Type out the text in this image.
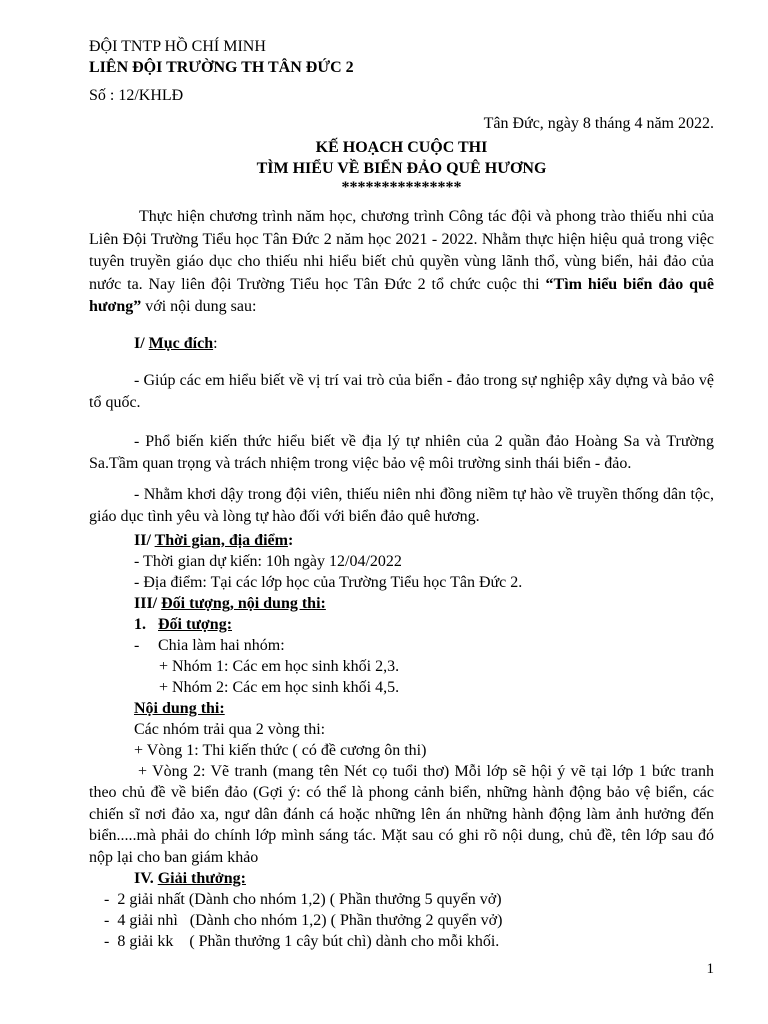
ĐỘI TNTP HỒ CHÍ MINH
LIÊN ĐỘI TRƯỜNG TH TÂN ĐỨC 2
Số : 12/KHLĐ
Tân Đức, ngày 8 tháng 4 năm 2022.
KẾ HOẠCH CUỘC THI
TÌM HIỂU VỀ BIỂN ĐẢO QUÊ HƯƠNG
***************

Thực hiện chương trình năm học, chương trình Công tác đội và phong trào thiếu nhi của Liên Đội Trường Tiểu học Tân Đức 2 năm học 2021 - 2022. Nhằm thực hiện hiệu quả trong việc tuyên truyền giáo dục cho thiếu nhi hiểu biết chủ quyền vùng lãnh thổ, vùng biển, hải đảo của nước ta. Nay liên đội Trường Tiểu học Tân Đức 2 tổ chức cuộc thi “Tìm hiểu biển đảo quê hương” với nội dung sau:

I/ Mục đích:

- Giúp các em hiểu biết về vị trí vai trò của biển - đảo trong sự nghiệp xây dựng và bảo vệ tổ quốc.

- Phổ biến kiến thức hiểu biết về địa lý tự nhiên của 2 quần đảo Hoàng Sa và Trường Sa.Tầm quan trọng và trách nhiệm trong việc bảo vệ môi trường sinh thái biển - đảo.

- Nhằm khơi dậy trong đội viên, thiếu niên nhi đồng niềm tự hào về truyền thống dân tộc, giáo dục tình yêu và lòng tự hào đối với biển đảo quê hương.

II/ Thời gian, địa điểm:
- Thời gian dự kiến: 10h ngày 12/04/2022
- Địa điểm: Tại các lớp học của Trường Tiểu học Tân Đức 2.
III/ Đối tượng, nội dung thi:
1. Đối tượng:
- Chia làm hai nhóm:
+ Nhóm 1: Các em học sinh khối 2,3.
+ Nhóm 2: Các em học sinh khối 4,5.
Nội dung thi:
Các nhóm trải qua 2 vòng thi:
+ Vòng 1: Thi kiến thức ( có đề cương ôn thi)

+ Vòng 2: Vẽ tranh (mang tên Nét cọ tuổi thơ) Mỗi lớp sẽ hội ý vẽ tại lớp 1 bức tranh theo chủ đề về biển đảo (Gợi ý: có thể là phong cảnh biển, những hành động bảo vệ biển, các chiến sĩ nơi đảo xa, ngư dân đánh cá hoặc những lên án những hành động làm ảnh hưởng đến biển.....mà phải do chính lớp mình sáng tác. Mặt sau có ghi rõ nội dung, chủ đề, tên lớp sau đó nộp lại cho ban giám khảo

IV. Giải thưởng:
-  2 giải nhất (Dành cho nhóm 1,2) ( Phần thưởng 5 quyển vở)
-  4 giải nhì   (Dành cho nhóm 1,2) ( Phần thưởng 2 quyển vở)
-  8 giải kk    ( Phần thưởng 1 cây bút chì) dành cho mỗi khối.
1
